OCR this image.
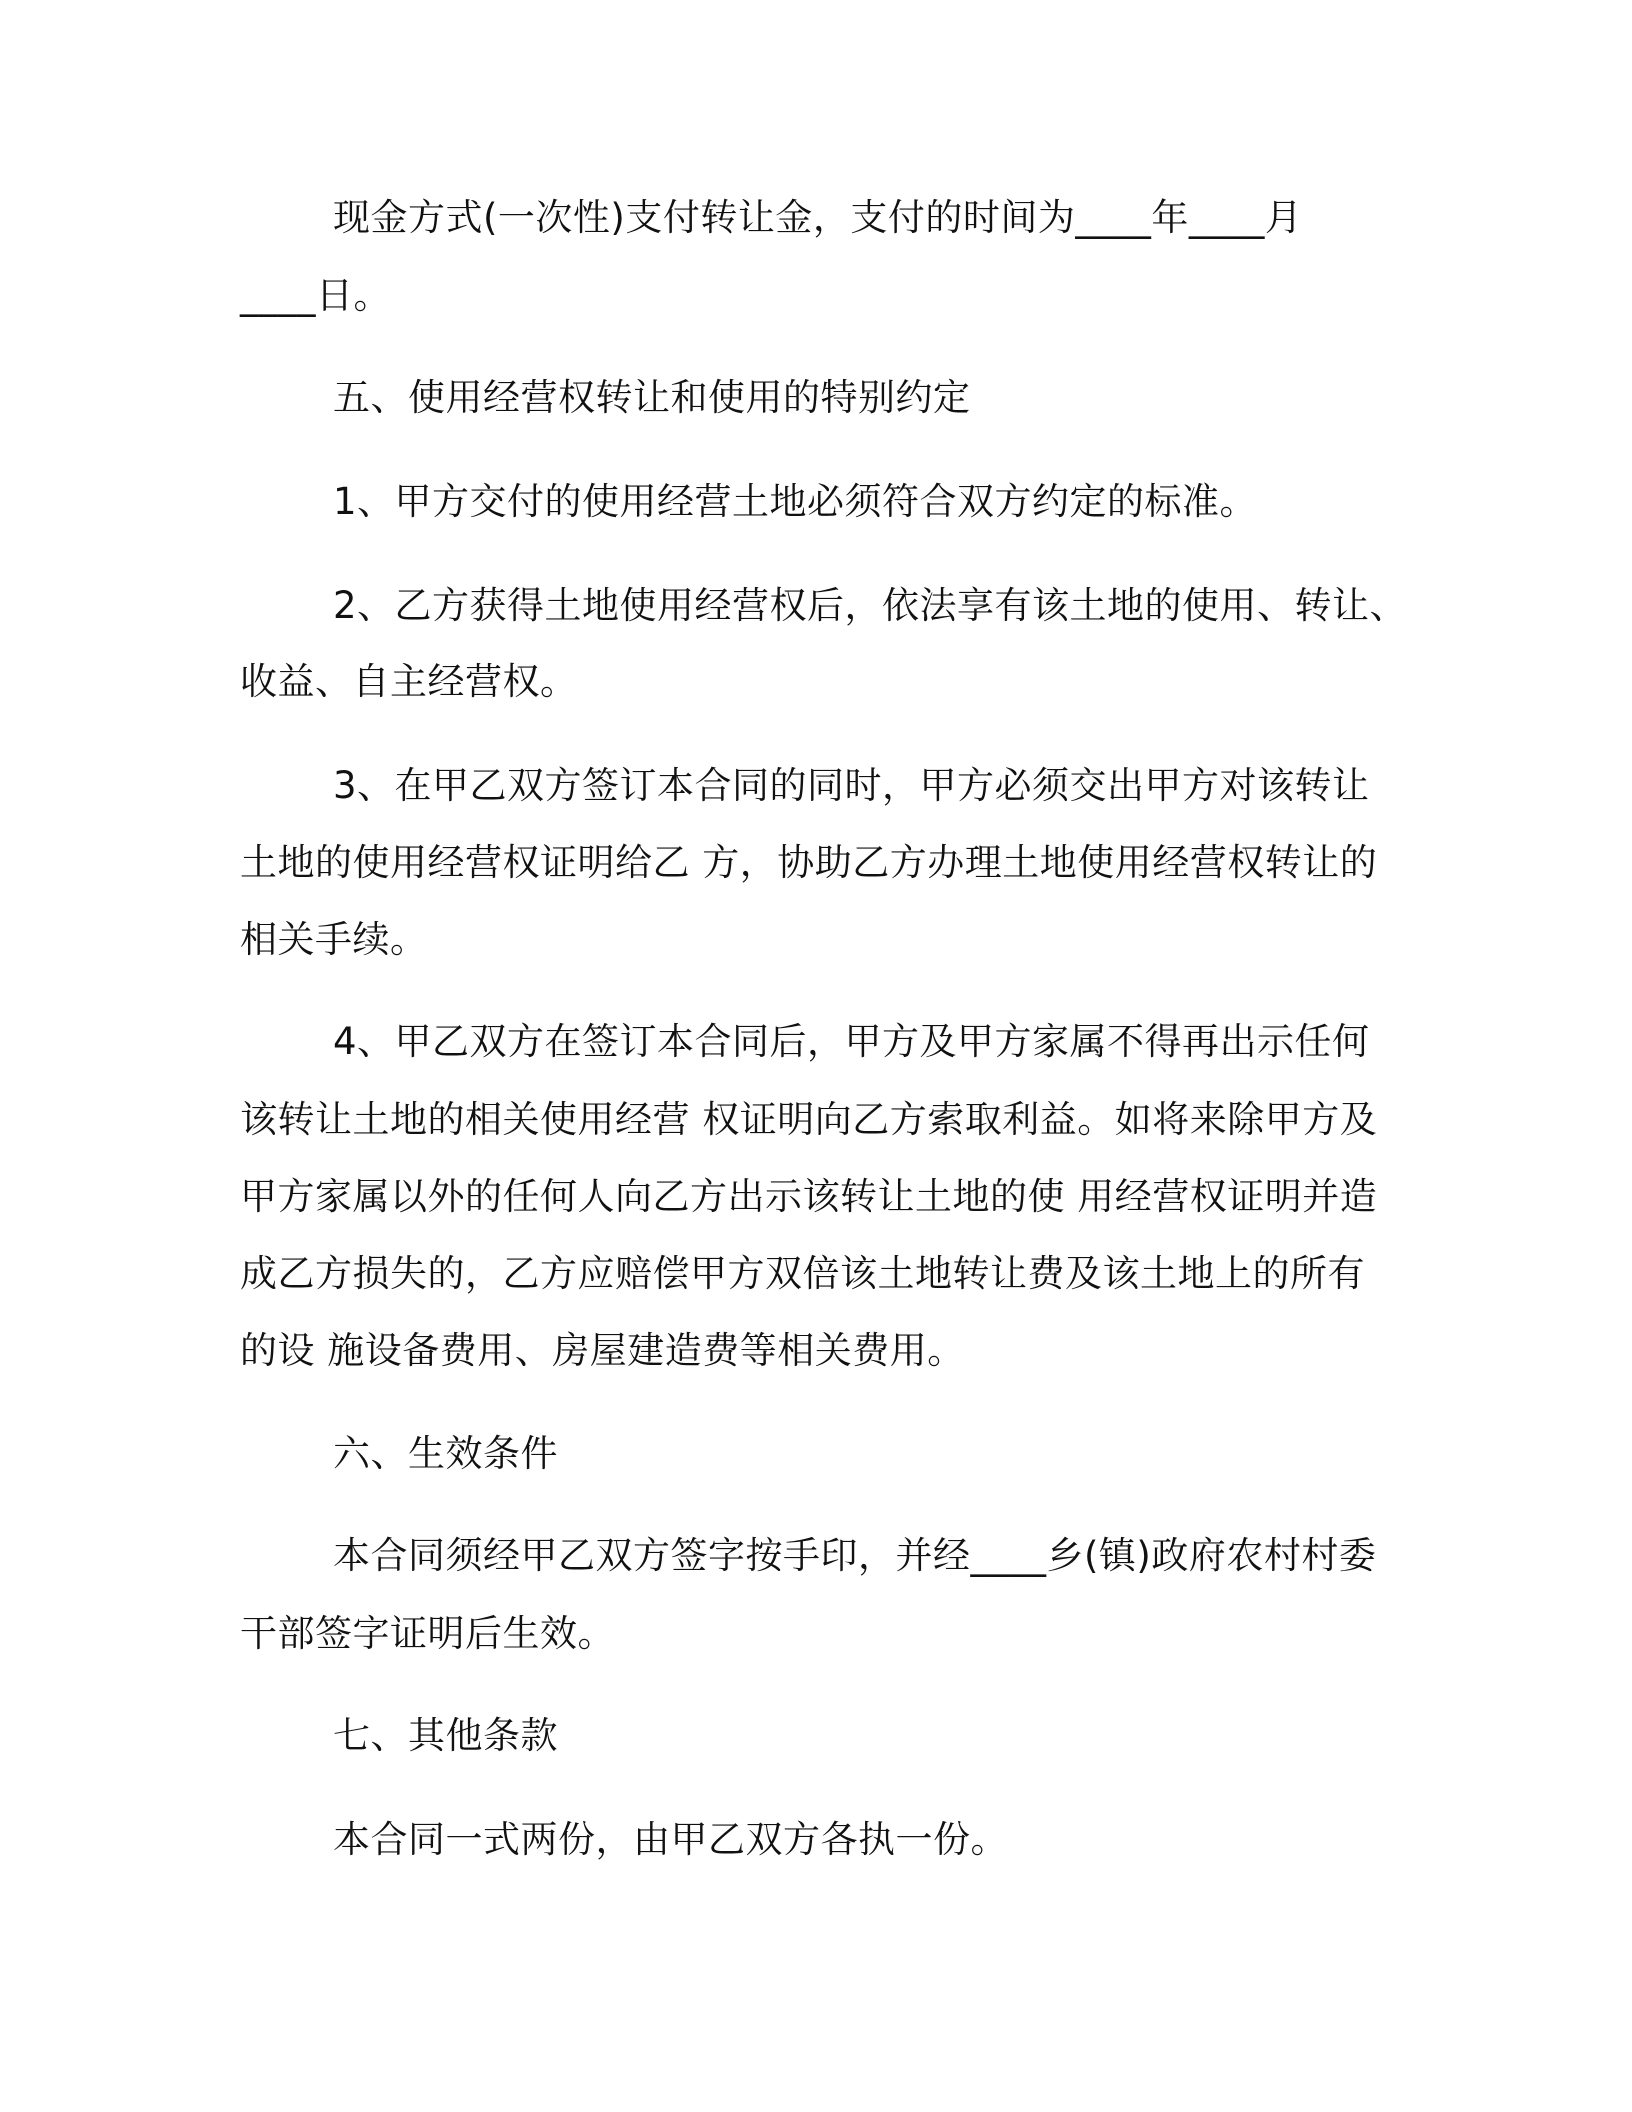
现金方式(一次性)支付转让金，支付的时间为____年____月

____日。

五、使用经营权转让和使用的特别约定

1、甲方交付的使用经营土地必须符合双方约定的标准。

2、乙方获得土地使用经营权后，依法享有该土地的使用、转让、

收益、自主经营权。

3、在甲乙双方签订本合同的同时，甲方必须交出甲方对该转让

土地的使用经营权证明给乙 方，协助乙方办理土地使用经营权转让的

相关手续。

4、甲乙双方在签订本合同后，甲方及甲方家属不得再出示任何

该转让土地的相关使用经营 权证明向乙方索取利益。如将来除甲方及

甲方家属以外的任何人向乙方出示该转让土地的使 用经营权证明并造

成乙方损失的，乙方应赔偿甲方双倍该土地转让费及该土地上的所有

的设 施设备费用、房屋建造费等相关费用。

六、生效条件

本合同须经甲乙双方签字按手印，并经____乡(镇)政府农村村委

干部签字证明后生效。

七、其他条款

本合同一式两份，由甲乙双方各执一份。
